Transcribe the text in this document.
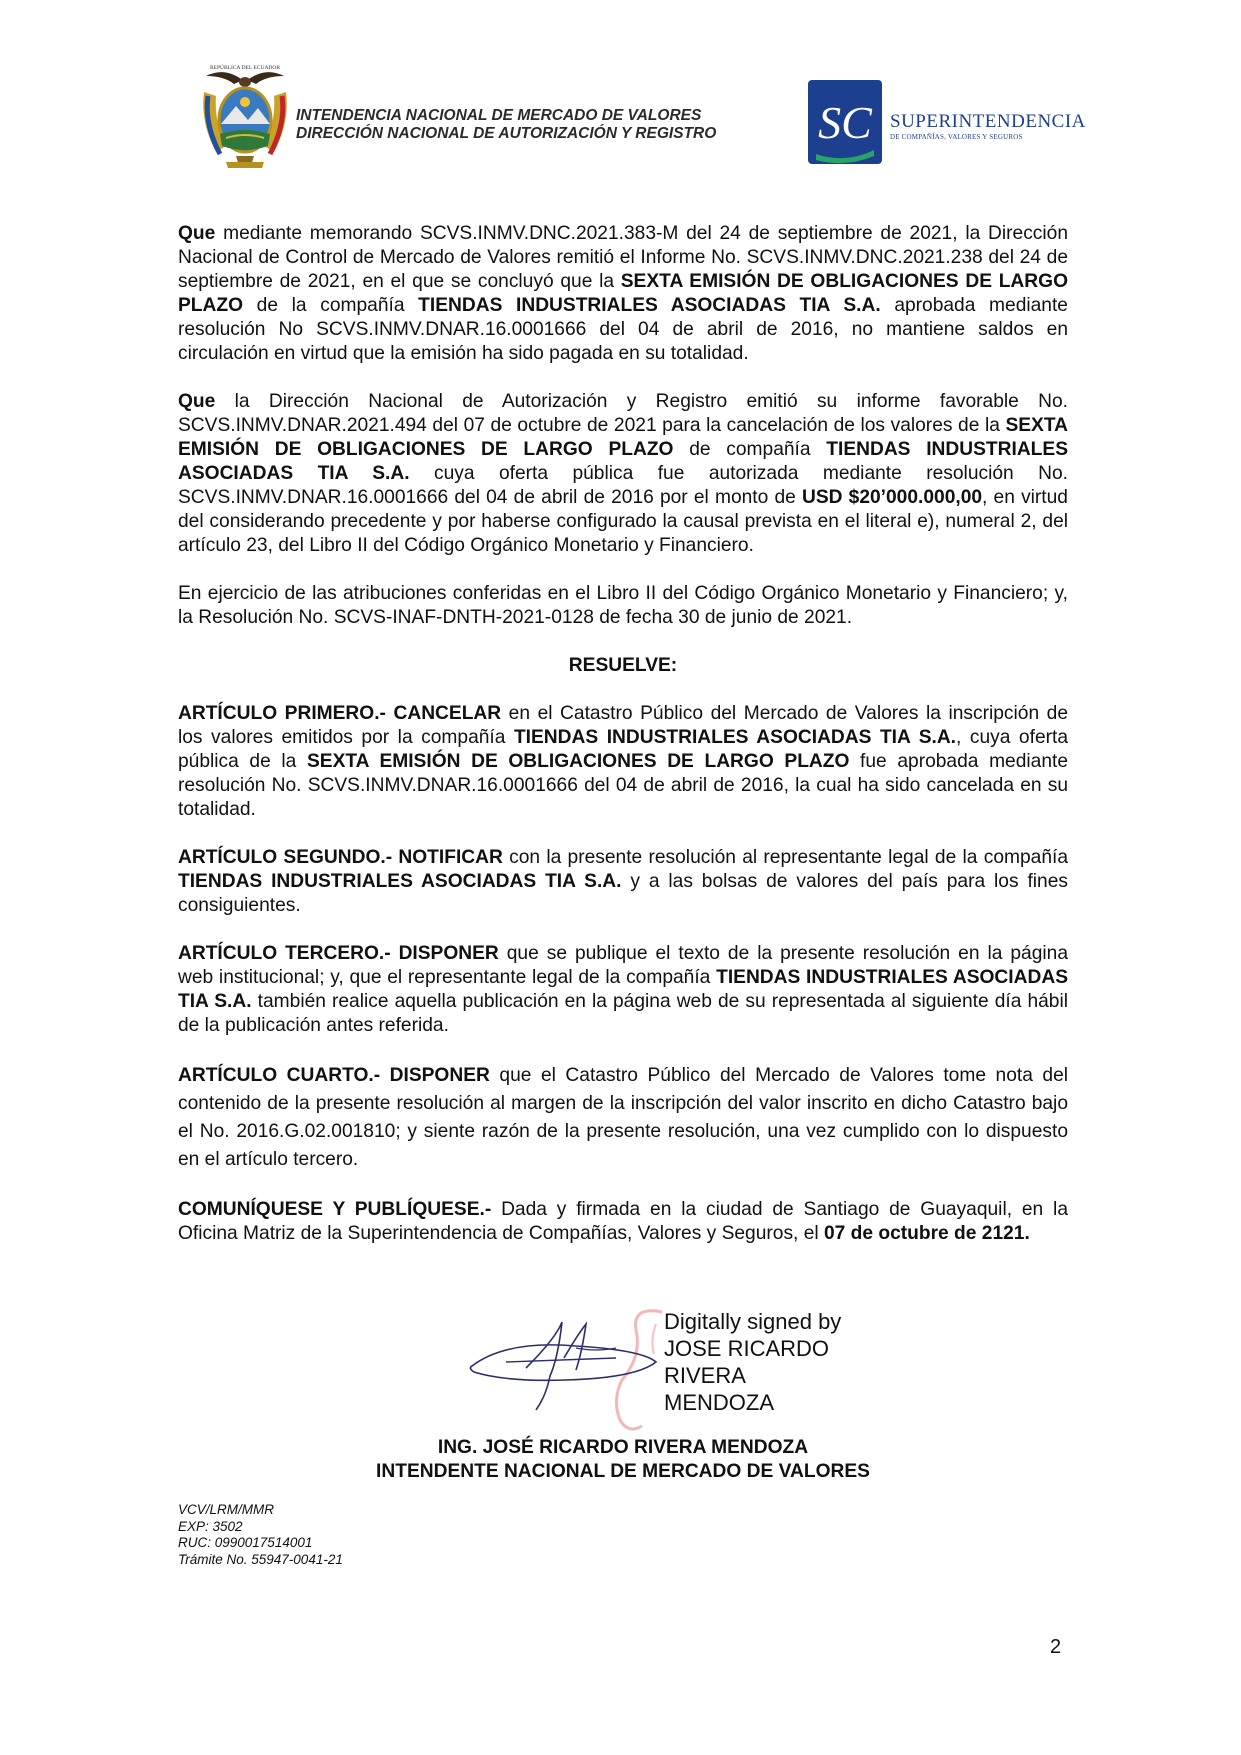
REPÚBLICA DEL ECUADOR
INTENDENCIA NACIONAL DE MERCADO DE VALORES
DIRECCIÓN NACIONAL DE AUTORIZACIÓN Y REGISTRO	SC SUPERINTENDENCIA
DE COMPAÑÍAS, VALORES Y SEGUROS

Que mediante memorando SCVS.INMV.DNC.2021.383-M del 24 de septiembre de 2021, la Dirección Nacional de Control de Mercado de Valores remitió el Informe No. SCVS.INMV.DNC.2021.238 del 24 de septiembre de 2021, en el que se concluyó que la SEXTA EMISIÓN DE OBLIGACIONES DE LARGO PLAZO de la compañía TIENDAS INDUSTRIALES ASOCIADAS TIA S.A. aprobada mediante resolución No SCVS.INMV.DNAR.16.0001666 del 04 de abril de 2016, no mantiene saldos en circulación en virtud que la emisión ha sido pagada en su totalidad.

Que la Dirección Nacional de Autorización y Registro emitió su informe favorable No. SCVS.INMV.DNAR.2021.494 del 07 de octubre de 2021 para la cancelación de los valores de la SEXTA EMISIÓN DE OBLIGACIONES DE LARGO PLAZO de compañía TIENDAS INDUSTRIALES ASOCIADAS TIA S.A. cuya oferta pública fue autorizada mediante resolución No. SCVS.INMV.DNAR.16.0001666 del 04 de abril de 2016 por el monto de USD $20’000.000,00, en virtud del considerando precedente y por haberse configurado la causal prevista en el literal e), numeral 2, del artículo 23, del Libro II del Código Orgánico Monetario y Financiero.

En ejercicio de las atribuciones conferidas en el Libro II del Código Orgánico Monetario y Financiero; y, la Resolución No. SCVS-INAF-DNTH-2021-0128 de fecha 30 de junio de 2021.

RESUELVE:

ARTÍCULO PRIMERO.- CANCELAR en el Catastro Público del Mercado de Valores la inscripción de los valores emitidos por la compañía TIENDAS INDUSTRIALES ASOCIADAS TIA S.A., cuya oferta pública de la SEXTA EMISIÓN DE OBLIGACIONES DE LARGO PLAZO fue aprobada mediante resolución No. SCVS.INMV.DNAR.16.0001666 del 04 de abril de 2016, la cual ha sido cancelada en su totalidad.

ARTÍCULO SEGUNDO.- NOTIFICAR con la presente resolución al representante legal de la compañía TIENDAS INDUSTRIALES ASOCIADAS TIA S.A. y a las bolsas de valores del país para los fines consiguientes.

ARTÍCULO TERCERO.- DISPONER que se publique el texto de la presente resolución en la página web institucional; y, que el representante legal de la compañía TIENDAS INDUSTRIALES ASOCIADAS TIA S.A. también realice aquella publicación en la página web de su representada al siguiente día hábil de la publicación antes referida.

ARTÍCULO CUARTO.- DISPONER que el Catastro Público del Mercado de Valores tome nota del contenido de la presente resolución al margen de la inscripción del valor inscrito en dicho Catastro bajo el No. 2016.G.02.001810; y siente razón de la presente resolución, una vez cumplido con lo dispuesto en el artículo tercero.

COMUNÍQUESE Y PUBLÍQUESE.- Dada y firmada en la ciudad de Santiago de Guayaquil, en la Oficina Matriz de la Superintendencia de Compañías, Valores y Seguros, el 07 de octubre de 2121.

Digitally signed by
JOSE RICARDO
RIVERA
MENDOZA
ING. JOSÉ RICARDO RIVERA MENDOZA
INTENDENTE NACIONAL DE MERCADO DE VALORES
VCV/LRM/MMR
EXP: 3502
RUC: 0990017514001
Trámite No. 55947-0041-21
2
